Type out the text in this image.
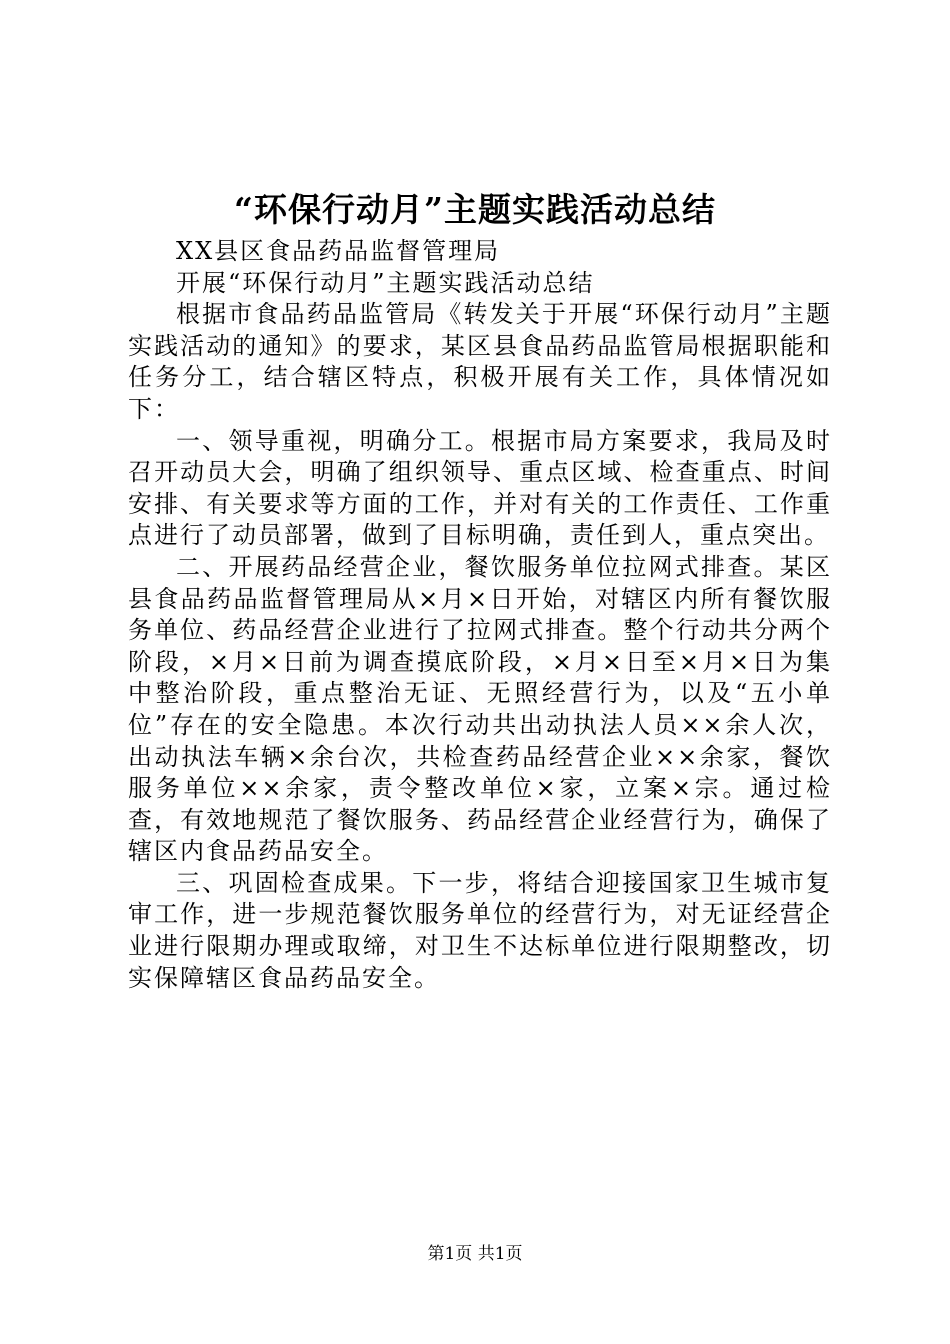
“环保行动月”主题实践活动总结

XX县区食品药品监督管理局

开展“环保行动月”主题实践活动总结

根据市食品药品监管局《转发关于开展“环保行动月”主题实践活动的通知》的要求，某区县食品药品监管局根据职能和任务分工，结合辖区特点，积极开展有关工作，具体情况如下：

一、领导重视，明确分工。根据市局方案要求，我局及时召开动员大会，明确了组织领导、重点区域、检查重点、时间安排、有关要求等方面的工作，并对有关的工作责任、工作重点进行了动员部署，做到了目标明确，责任到人，重点突出。

二、开展药品经营企业，餐饮服务单位拉网式排查。某区县食品药品监督管理局从×月×日开始，对辖区内所有餐饮服务单位、药品经营企业进行了拉网式排查。整个行动共分两个阶段，×月×日前为调查摸底阶段，×月×日至×月×日为集中整治阶段，重点整治无证、无照经营行为，以及“五小单位”存在的安全隐患。本次行动共出动执法人员××余人次，出动执法车辆×余台次，共检查药品经营企业××余家，餐饮服务单位××余家，责令整改单位×家，立案×宗。通过检查，有效地规范了餐饮服务、药品经营企业经营行为，确保了辖区内食品药品安全。

三、巩固检查成果。下一步，将结合迎接国家卫生城市复审工作，进一步规范餐饮服务单位的经营行为，对无证经营企业进行限期办理或取缔，对卫生不达标单位进行限期整改，切实保障辖区食品药品安全。

第1页 共1页
